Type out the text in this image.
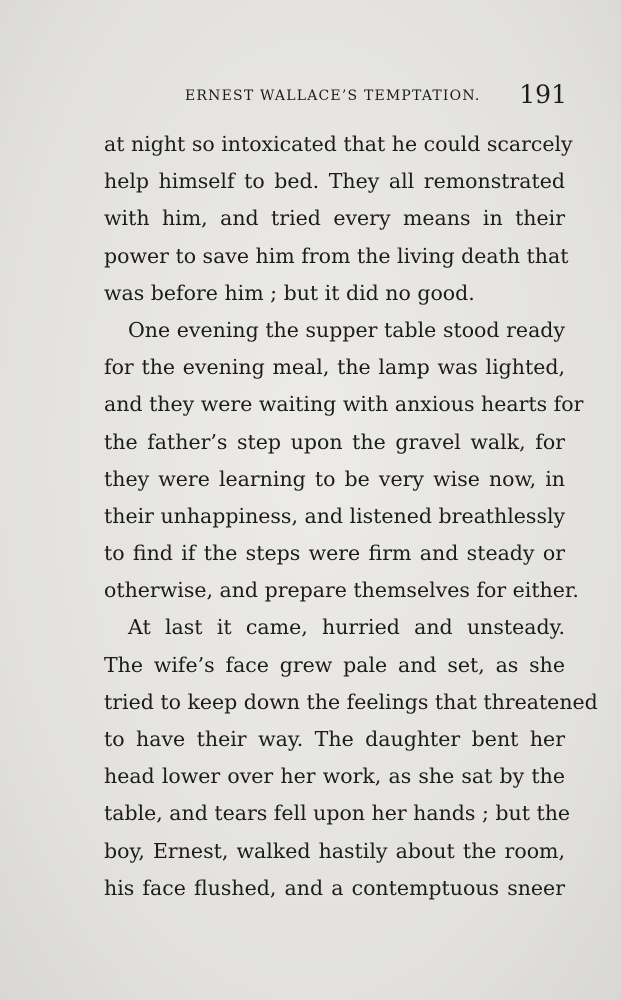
ERNEST WALLACE’S TEMPTATION. 191
at night so intoxicated that he could scarcely
help himself to bed. They all remonstrated
with him, and tried every means in their
power to save him from the living death that
was before him ; but it did no good.
One evening the supper table stood ready
for the evening meal, the lamp was lighted,
and they were waiting with anxious hearts for
the father’s step upon the gravel walk, for
they were learning to be very wise now, in
their unhappiness, and listened breathlessly
to find if the steps were firm and steady or
otherwise, and prepare themselves for either.
At last it came, hurried and unsteady.
The wife’s face grew pale and set, as she
tried to keep down the feelings that threatened
to have their way. The daughter bent her
head lower over her work, as she sat by the
table, and tears fell upon her hands ; but the
boy, Ernest, walked hastily about the room,
his face flushed, and a contemptuous sneer
